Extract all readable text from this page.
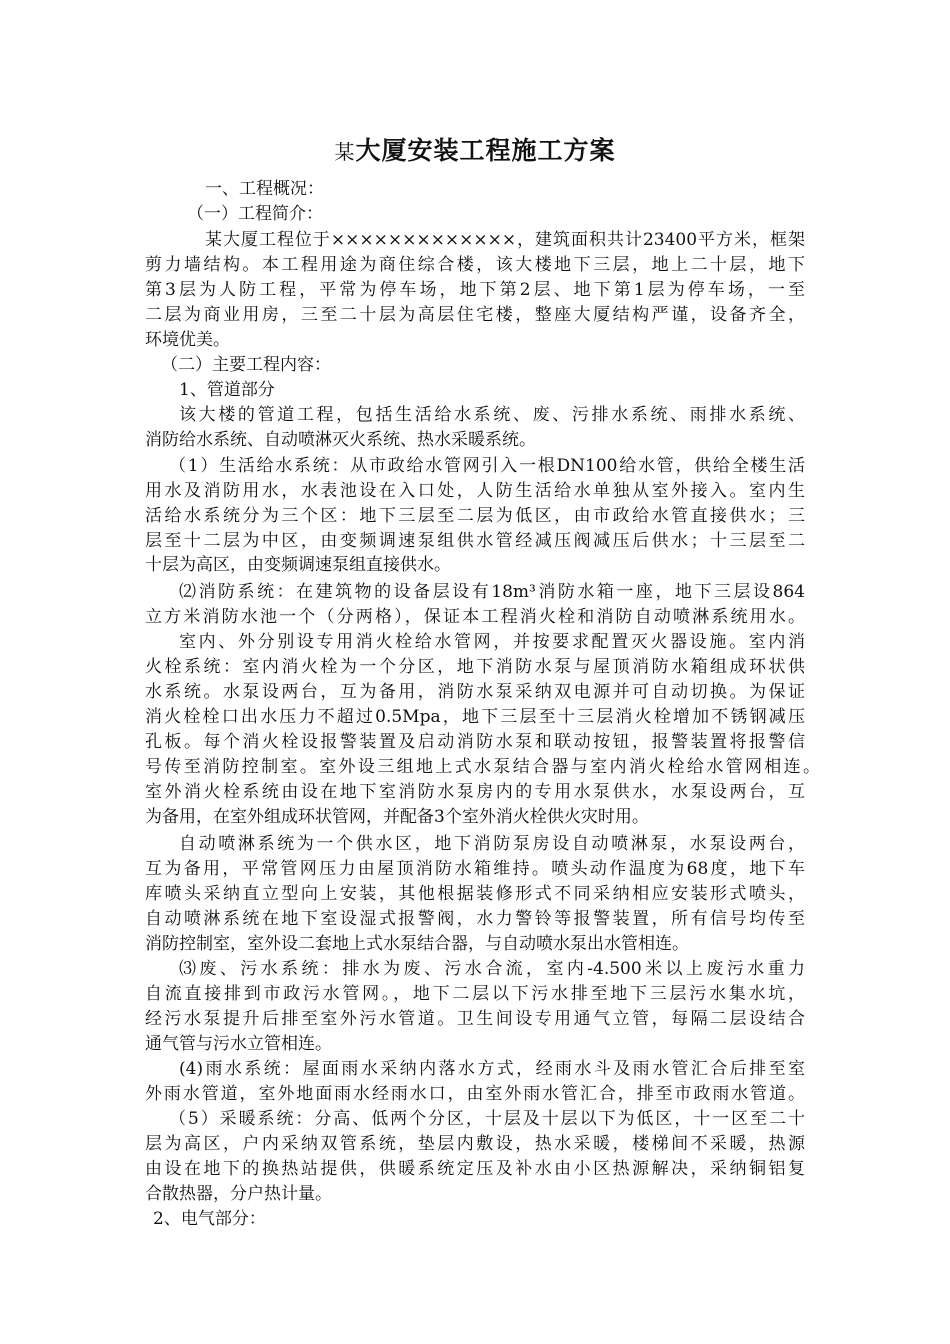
某大厦安装工程施工方案
一、工程概况：
（一）工程简介：
某大厦工程位于×××××××××××××，建筑面积共计23400平方米，框架
剪力墙结构。本工程用途为商住综合楼，该大楼地下三层，地上二十层，地下
第3层为人防工程，平常为停车场，地下第2层、地下第1层为停车场，一至
二层为商业用房，三至二十层为高层住宅楼，整座大厦结构严谨，设备齐全，
环境优美。
（二）主要工程内容：
1、管道部分
该大楼的管道工程，包括生活给水系统、废、污排水系统、雨排水系统、
消防给水系统、自动喷淋灭火系统、热水采暖系统。
（1）生活给水系统：从市政给水管网引入一根DN100给水管，供给全楼生活
用水及消防用水，水表池设在入口处，人防生活给水单独从室外接入。室内生
活给水系统分为三个区：地下三层至二层为低区，由市政给水管直接供水；三
层至十二层为中区，由变频调速泵组供水管经减压阀减压后供水；十三层至二
十层为高区，由变频调速泵组直接供水。
⑵消防系统：在建筑物的设备层设有18m³消防水箱一座，地下三层设864
立方米消防水池一个（分两格），保证本工程消火栓和消防自动喷淋系统用水。
室内、外分别设专用消火栓给水管网，并按要求配置灭火器设施。室内消
火栓系统：室内消火栓为一个分区，地下消防水泵与屋顶消防水箱组成环状供
水系统。水泵设两台，互为备用，消防水泵采纳双电源并可自动切换。为保证
消火栓栓口出水压力不超过0.5Mpa，地下三层至十三层消火栓增加不锈钢减压
孔板。每个消火栓设报警装置及启动消防水泵和联动按钮，报警装置将报警信
号传至消防控制室。室外设三组地上式水泵结合器与室内消火栓给水管网相连。
室外消火栓系统由设在地下室消防水泵房内的专用水泵供水，水泵设两台，互
为备用，在室外组成环状管网，并配备3个室外消火栓供火灾时用。
自动喷淋系统为一个供水区，地下消防泵房设自动喷淋泵，水泵设两台，
互为备用，平常管网压力由屋顶消防水箱维持。喷头动作温度为68度，地下车
库喷头采纳直立型向上安装，其他根据装修形式不同采纳相应安装形式喷头，
自动喷淋系统在地下室设湿式报警阀，水力警铃等报警装置，所有信号均传至
消防控制室，室外设二套地上式水泵结合器，与自动喷水泵出水管相连。
⑶废、污水系统：排水为废、污水合流，室内-4.500米以上废污水重力
自流直接排到市政污水管网。，地下二层以下污水排至地下三层污水集水坑，
经污水泵提升后排至室外污水管道。卫生间设专用通气立管，每隔二层设结合
通气管与污水立管相连。
(4)雨水系统：屋面雨水采纳内落水方式，经雨水斗及雨水管汇合后排至室
外雨水管道，室外地面雨水经雨水口，由室外雨水管汇合，排至市政雨水管道。
（5）采暖系统：分高、低两个分区，十层及十层以下为低区，十一区至二十
层为高区，户内采纳双管系统，垫层内敷设，热水采暖，楼梯间不采暖，热源
由设在地下的换热站提供，供暖系统定压及补水由小区热源解决，采纳铜铝复
合散热器，分户热计量。
2、电气部分：
